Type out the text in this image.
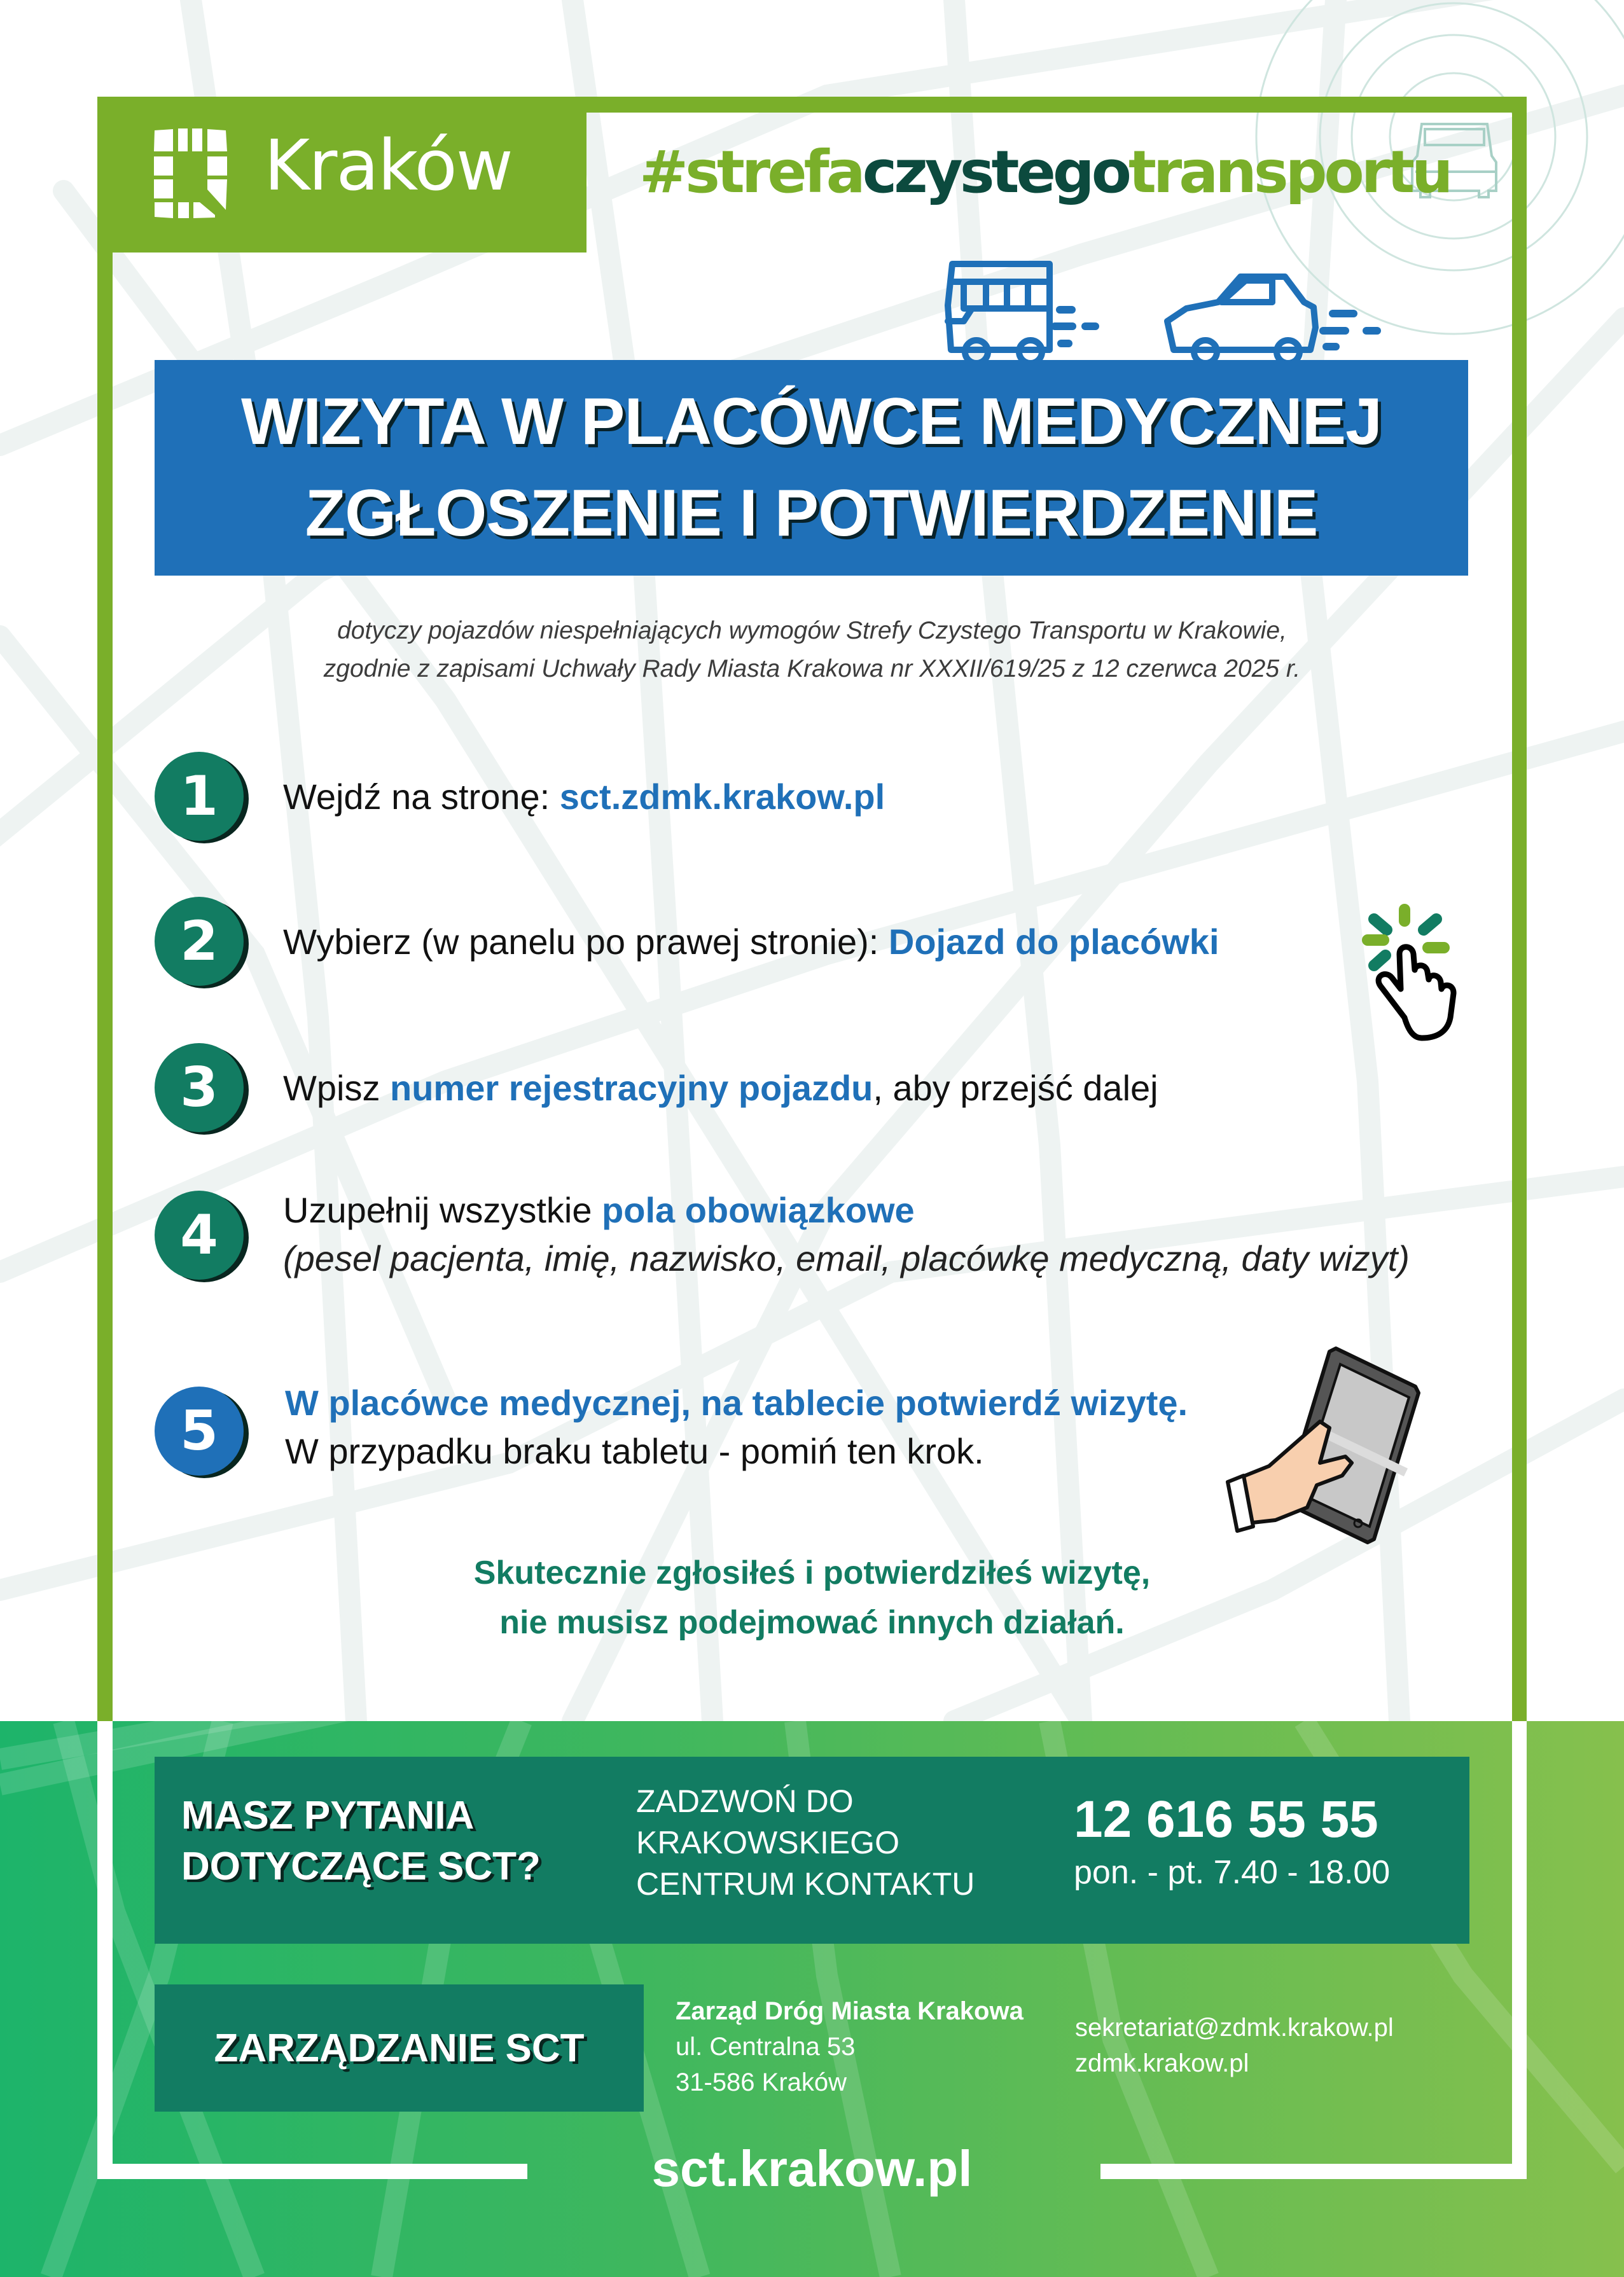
Kraków #strefaczystegotransportu
WIZYTA W PLACÓWCE MEDYCZNEJ
ZGŁOSZENIE I POTWIERDZENIE
dotyczy pojazdów niespełniających wymogów Strefy Czystego Transportu w Krakowie,
zgodnie z zapisami Uchwały Rady Miasta Krakowa nr XXXII/619/25 z 12 czerwca 2025 r.
1	Wejdź na stronę: sct.zdmk.krakow.pl
2	Wybierz (w panelu po prawej stronie): Dojazd do placówki
3	Wpisz numer rejestracyjny pojazdu, aby przejść dalej
4	Uzupełnij wszystkie pola obowiązkowe
(pesel pacjenta, imię, nazwisko, email, placówkę medyczną, daty wizyt)
5	W placówce medycznej, na tablecie potwierdź wizytę.
W przypadku braku tabletu - pomiń ten krok.
Skutecznie zgłosiłeś i potwierdziłeś wizytę,
nie musisz podejmować innych działań.
MASZ PYTANIA
DOTYCZĄCE SCT?
ZADZWOŃ DO
KRAKOWSKIEGO
CENTRUM KONTAKTU
12 616 55 55
pon. - pt. 7.40 - 18.00
ZARZĄDZANIE SCT
Zarząd Dróg Miasta Krakowa
ul. Centralna 53
31-586 Kraków
sekretariat@zdmk.krakow.pl
zdmk.krakow.pl
sct.krakow.pl
